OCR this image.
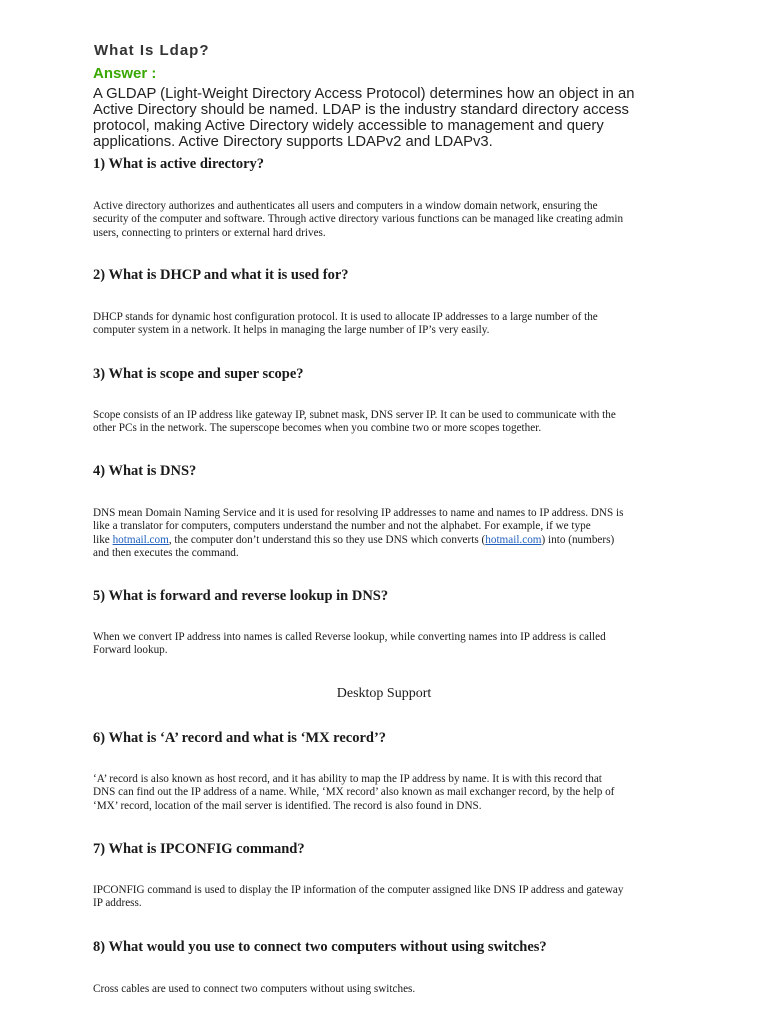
What Is Ldap?
Answer :
A GLDAP (Light-Weight Directory Access Protocol) determines how an object in an
Active Directory should be named. LDAP is the industry standard directory access
protocol, making Active Directory widely accessible to management and query
applications. Active Directory supports LDAPv2 and LDAPv3.
1) What is active directory?
Active directory authorizes and authenticates all users and computers in a window domain network, ensuring the
security of the computer and software. Through active directory various functions can be managed like creating admin
users, connecting to printers or external hard drives.
2) What is DHCP and what it is used for?
DHCP stands for dynamic host configuration protocol. It is used to allocate IP addresses to a large number of the
computer system in a network. It helps in managing the large number of IP’s very easily.
3) What is scope and super scope?
Scope consists of an IP address like gateway IP, subnet mask, DNS server IP. It can be used to communicate with the
other PCs in the network. The superscope becomes when you combine two or more scopes together.
4) What is DNS?
DNS mean Domain Naming Service and it is used for resolving IP addresses to name and names to IP address. DNS is
like a translator for computers, computers understand the number and not the alphabet. For example, if we type
like hotmail.com, the computer don’t understand this so they use DNS which converts (hotmail.com) into (numbers)
and then executes the command.
5) What is forward and reverse lookup in DNS?
When we convert IP address into names is called Reverse lookup, while converting names into IP address is called
Forward lookup.
Desktop Support
6) What is ‘A’ record and what is ‘MX record’?
‘A’ record is also known as host record, and it has ability to map the IP address by name. It is with this record that
DNS can find out the IP address of a name. While, ‘MX record’ also known as mail exchanger record, by the help of
‘MX’ record, location of the mail server is identified. The record is also found in DNS.
7) What is IPCONFIG command?
IPCONFIG command is used to display the IP information of the computer assigned like DNS IP address and gateway
IP address.
8) What would you use to connect two computers without using switches?
Cross cables are used to connect two computers without using switches.
